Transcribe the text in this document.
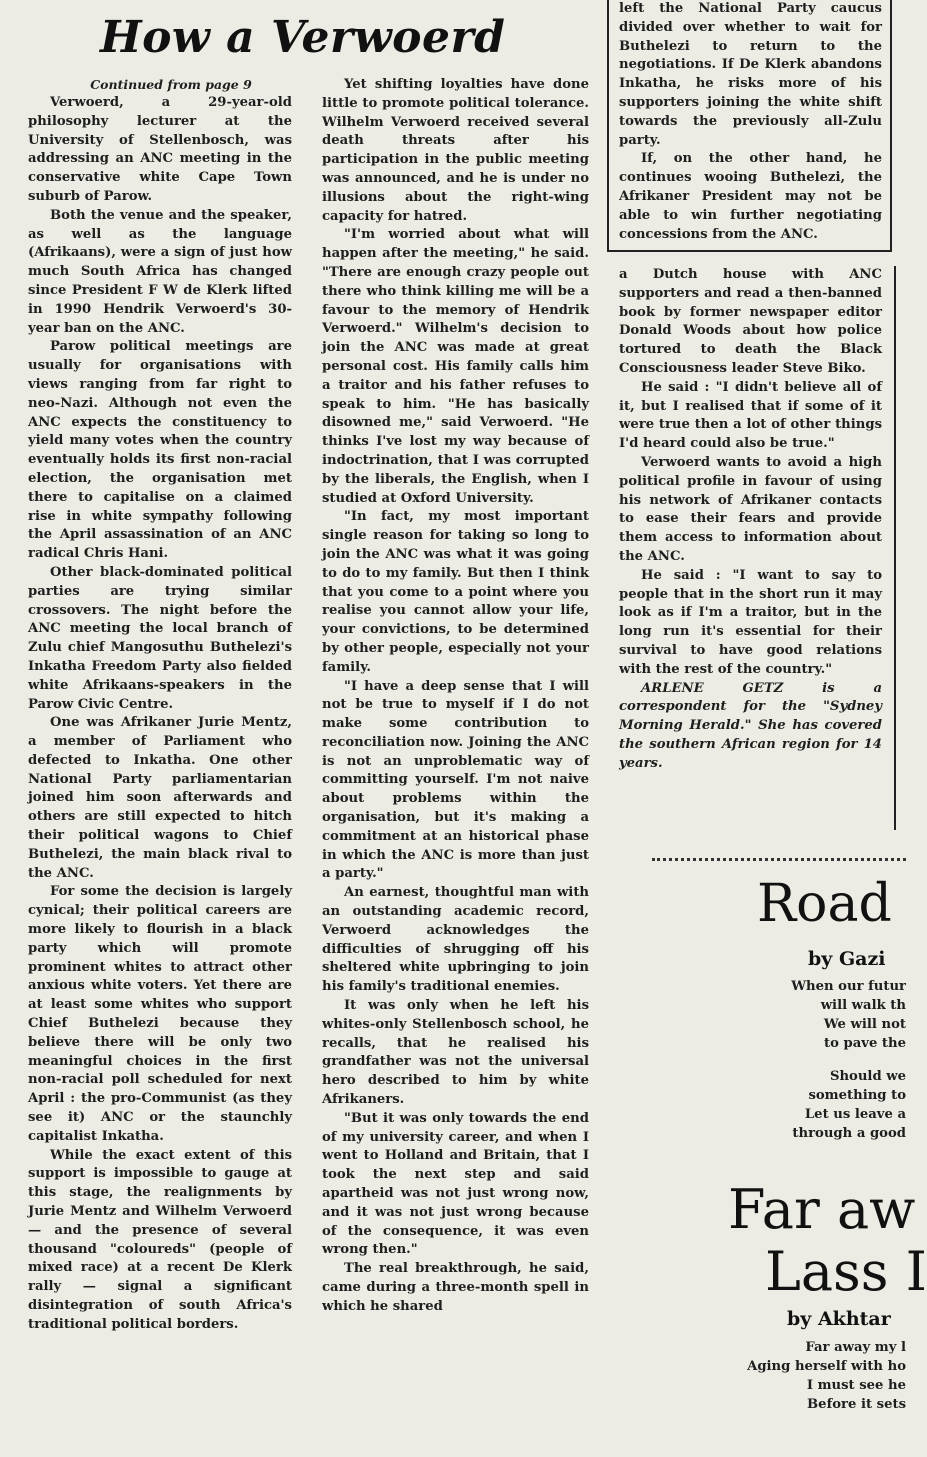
How a Verwoerd

Continued from page 9

Verwoerd, a 29-year-old philosophy lecturer at the University of Stellenbosch, was addressing an ANC meeting in the conservative white Cape Town suburb of Parow.

Both the venue and the speaker, as well as the language (Afrikaans), were a sign of just how much South Africa has changed since President F W de Klerk lifted in 1990 Hendrik Verwoerd's 30-year ban on the ANC.

Parow political meetings are usually for organisations with views ranging from far right to neo-Nazi. Although not even the ANC expects the constituency to yield many votes when the country eventually holds its first non-racial election, the organisation met there to capitalise on a claimed rise in white sympathy following the April assassination of an ANC radical Chris Hani.

Other black-dominated political parties are trying similar crossovers. The night before the ANC meeting the local branch of Zulu chief Mangosuthu Buthelezi's Inkatha Freedom Party also fielded white Afrikaans-speakers in the Parow Civic Centre.

One was Afrikaner Jurie Mentz, a member of Parliament who defected to Inkatha. One other National Party parliamentarian joined him soon afterwards and others are still expected to hitch their political wagons to Chief Buthelezi, the main black rival to the ANC.

For some the decision is largely cynical; their political careers are more likely to flourish in a black party which will promote prominent whites to attract other anxious white voters. Yet there are at least some whites who support Chief Buthelezi because they believe there will be only two meaningful choices in the first non-racial poll scheduled for next April : the pro-Communist (as they see it) ANC or the staunchly capitalist Inkatha.

While the exact extent of this support is impossible to gauge at this stage, the realignments by Jurie Mentz and Wilhelm Verwoerd — and the presence of several thousand "coloureds" (people of mixed race) at a recent De Klerk rally — signal a significant disintegration of south Africa's traditional political borders.

Yet shifting loyalties have done little to promote political tolerance. Wilhelm Verwoerd received several death threats after his participation in the public meeting was announced, and he is under no illusions about the right-wing capacity for hatred.

"I'm worried about what will happen after the meeting," he said. "There are enough crazy people out there who think killing me will be a favour to the memory of Hendrik Verwoerd." Wilhelm's decision to join the ANC was made at great personal cost. His family calls him a traitor and his father refuses to speak to him. "He has basically disowned me," said Verwoerd. "He thinks I've lost my way because of indoctrination, that I was corrupted by the liberals, the English, when I studied at Oxford University.

"In fact, my most important single reason for taking so long to join the ANC was what it was going to do to my family. But then I think that you come to a point where you realise you cannot allow your life, your convictions, to be determined by other people, especially not your family.

"I have a deep sense that I will not be true to myself if I do not make some contribution to reconciliation now. Joining the ANC is not an unproblematic way of committing yourself. I'm not naive about problems within the organisation, but it's making a commitment at an historical phase in which the ANC is more than just a party."

An earnest, thoughtful man with an outstanding academic record, Verwoerd acknowledges the difficulties of shrugging off his sheltered white upbringing to join his family's traditional enemies.

It was only when he left his whites-only Stellenbosch school, he recalls, that he realised his grandfather was not the universal hero described to him by white Afrikaners.

"But it was only towards the end of my university career, and when I went to Holland and Britain, that I took the next step and said apartheid was not just wrong now, and it was not just wrong because of the consequence, it was even wrong then."

The real breakthrough, he said, came during a three-month spell in which he shared

left the National Party caucus divided over whether to wait for Buthelezi to return to the negotiations. If De Klerk abandons Inkatha, he risks more of his supporters joining the white shift towards the previously all-Zulu party.

If, on the other hand, he continues wooing Buthelezi, the Afrikaner President may not be able to win further negotiating concessions from the ANC.

a Dutch house with ANC supporters and read a then-banned book by former newspaper editor Donald Woods about how police tortured to death the Black Consciousness leader Steve Biko.

He said : "I didn't believe all of it, but I realised that if some of it were true then a lot of other things I'd heard could also be true."

Verwoerd wants to avoid a high political profile in favour of using his network of Afrikaner contacts to ease their fears and provide them access to information about the ANC.

He said : "I want to say to people that in the short run it may look as if I'm a traitor, but in the long run it's essential for their survival to have good relations with the rest of the country."

ARLENE GETZ is a correspondent for the "Sydney Morning Herald." She has covered the southern African region for 14 years.

Road

by Gazi

When our futur
will walk th
We will not
to pave the
Should we
something to
Let us leave a
through a good
Far aw
Lass I

by Akhtar

Far away my l
Aging herself with ho
I must see he
Before it sets
